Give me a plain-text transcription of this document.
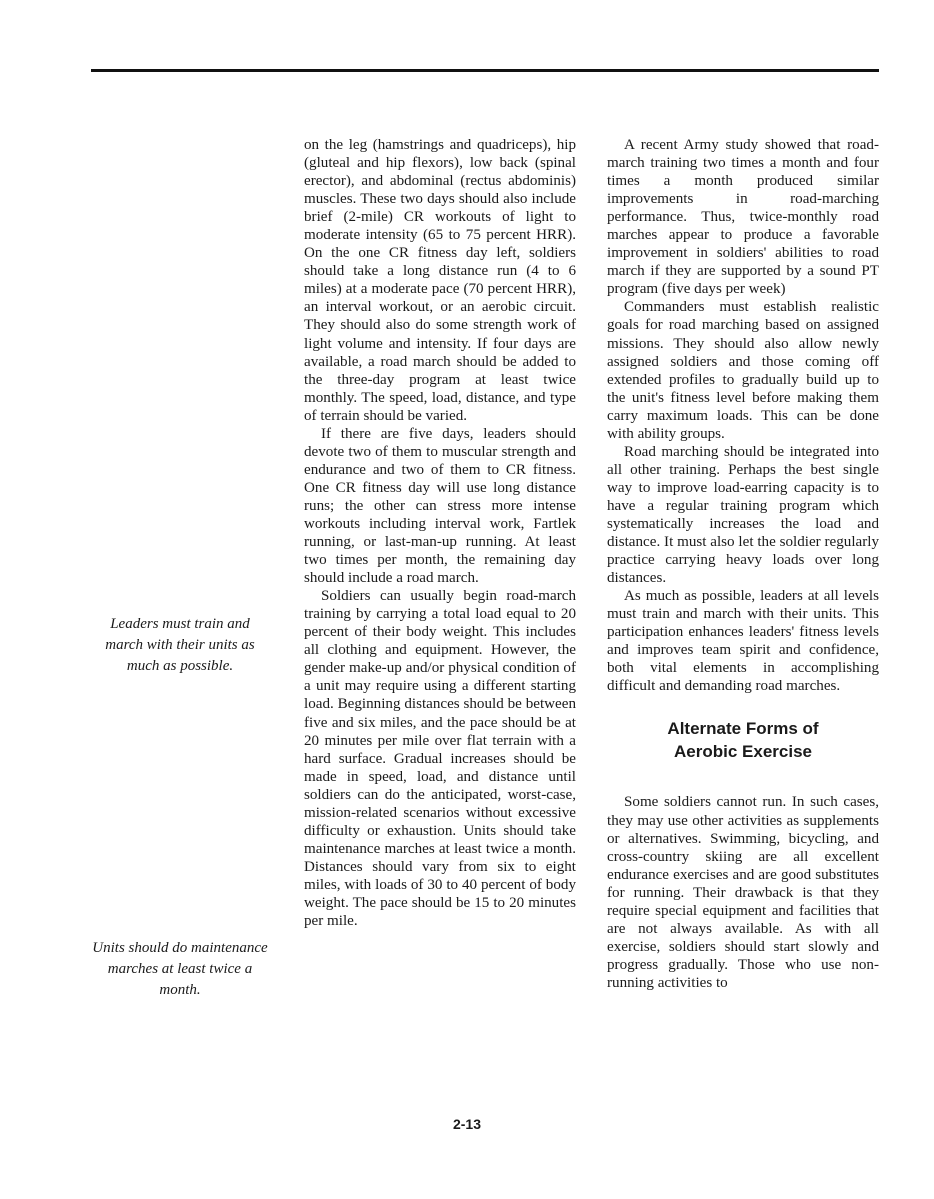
Leaders must train and march with their units as much as possible.
Units should do maintenance marches at least twice a month.

on the leg (hamstrings and quadriceps), hip (gluteal and hip flexors), low back (spinal erector), and abdominal (rectus abdominis) muscles. These two days should also include brief (2-mile) CR workouts of light to moderate intensity (65 to 75 percent HRR). On the one CR fitness day left, soldiers should take a long distance run (4 to 6 miles) at a moderate pace (70 percent HRR), an interval workout, or an aerobic circuit. They should also do some strength work of light volume and intensity. If four days are available, a road march should be added to the three-day program at least twice monthly. The speed, load, distance, and type of terrain should be varied.

If there are five days, leaders should devote two of them to muscular strength and endurance and two of them to CR fitness. One CR fitness day will use long distance runs; the other can stress more intense workouts including interval work, Fartlek running, or last-man-up running. At least two times per month, the remaining day should include a road march.

Soldiers can usually begin road-march training by carrying a total load equal to 20 percent of their body weight. This includes all clothing and equipment. However, the gender make-up and/or physical condition of a unit may require using a different starting load. Beginning distances should be between five and six miles, and the pace should be at 20 minutes per mile over flat terrain with a hard surface. Gradual increases should be made in speed, load, and distance until soldiers can do the anticipated, worst-case, mission-related scenarios without excessive difficulty or exhaustion. Units should take maintenance marches at least twice a month. Distances should vary from six to eight miles, with loads of 30 to 40 percent of body weight. The pace should be 15 to 20 minutes per mile.

A recent Army study showed that road-march training two times a month and four times a month produced similar improvements in road-marching performance. Thus, twice-monthly road marches appear to produce a favorable improvement in soldiers' abilities to road march if they are supported by a sound PT program (five days per week)

Commanders must establish realistic goals for road marching based on assigned missions. They should also allow newly assigned soldiers and those coming off extended profiles to gradually build up to the unit's fitness level before making them carry maximum loads. This can be done with ability groups.

Road marching should be integrated into all other training. Perhaps the best single way to improve load-earring capacity is to have a regular training program which systematically increases the load and distance. It must also let the soldier regularly practice carrying heavy loads over long distances.

As much as possible, leaders at all levels must train and march with their units. This participation enhances leaders' fitness levels and improves team spirit and confidence, both vital elements in accomplishing difficult and demanding road marches.

Alternate Forms of
Aerobic Exercise

Some soldiers cannot run. In such cases, they may use other activities as supplements or alternatives. Swimming, bicycling, and cross-country skiing are all excellent endurance exercises and are good substitutes for running. Their drawback is that they require special equipment and facilities that are not always available. As with all exercise, soldiers should start slowly and progress gradually. Those who use non-running activities to

2-13
